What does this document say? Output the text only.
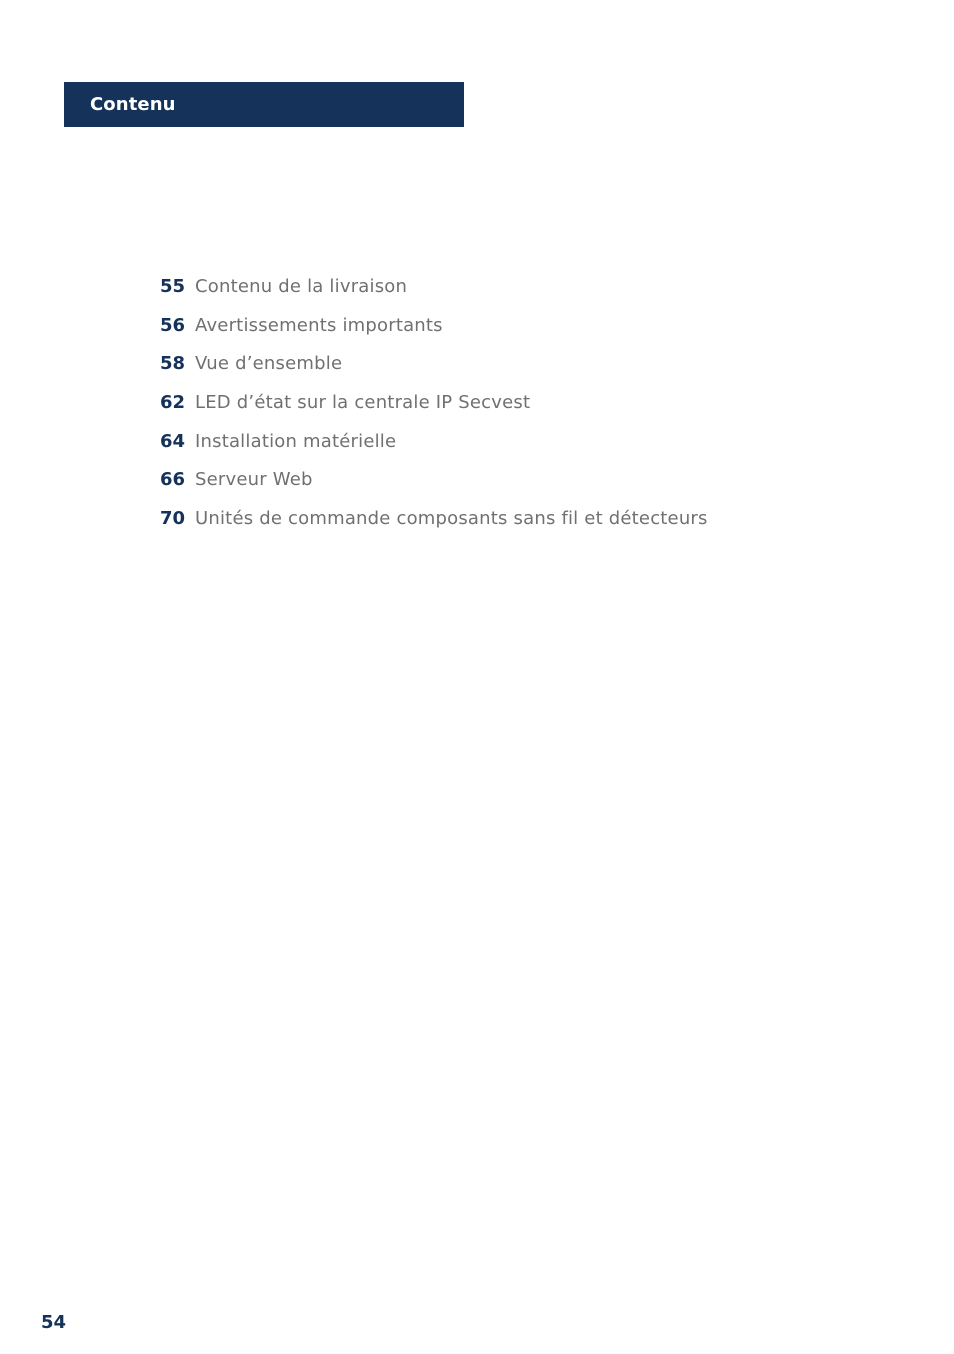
Contenu
55 Contenu de la livraison
56 Avertissements importants
58 Vue d’ensemble
62 LED d’état sur la centrale IP Secvest
64 Installation matérielle
66 Serveur Web
70 Unités de commande composants sans fil et détecteurs
54
